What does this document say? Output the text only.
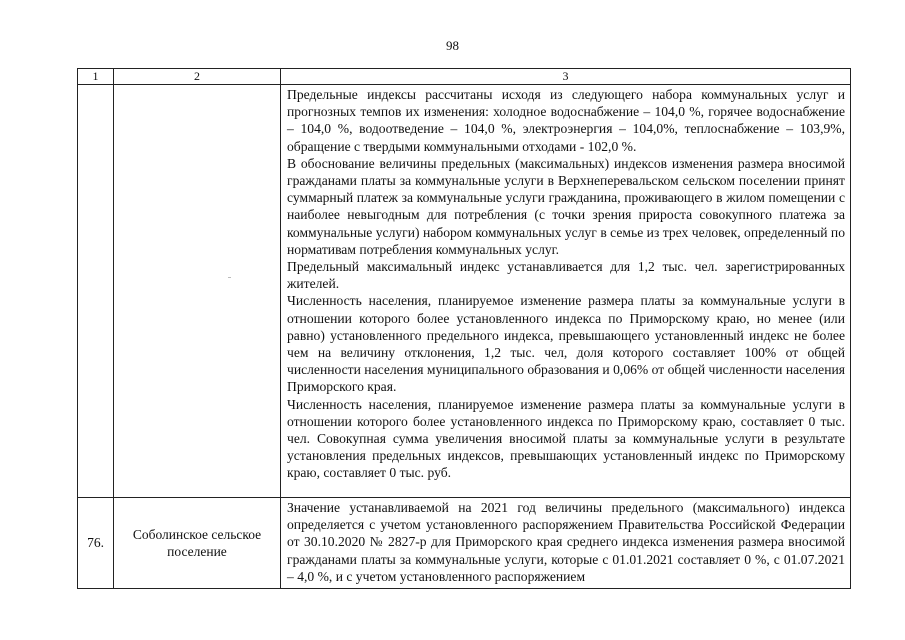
98
1	2	3

		Предельные индексы рассчитаны исходя из следующего набора коммунальных услуг и прогнозных темпов их изменения: холодное водоснабжение – 104,0 %, горячее водоснабжение – 104,0 %, водоотведение – 104,0 %, электроэнергия – 104,0%, теплоснабжение – 103,9%, обращение с твердыми коммунальными отходами - 102,0 %.

В обоснование величины предельных (максимальных) индексов изменения размера вносимой гражданами платы за коммунальные услуги в Верхнеперевальском сельском поселении принят суммарный платеж за коммунальные услуги гражданина, проживающего в жилом помещении с наиболее невыгодным для потребления (с точки зрения прироста совокупного платежа за коммунальные услуги) набором коммунальных услуг в семье из трех человек, определенный по нормативам потребления коммунальных услуг.

Предельный максимальный индекс устанавливается для 1,2 тыс. чел. зарегистрированных жителей.

Численность населения, планируемое изменение размера платы за коммунальные услуги в отношении которого более установленного индекса по Приморскому краю, но менее (или равно) установленного предельного индекса, превышающего установленный индекс не более чем на величину отклонения, 1,2 тыс. чел, доля которого составляет 100% от общей численности населения муниципального образования и 0,06% от общей численности населения Приморского края.

Численность населения, планируемое изменение размера платы за коммунальные услуги в отношении которого более установленного индекса по Приморскому краю, составляет 0 тыс. чел. Совокупная сумма увеличения вносимой платы за коммунальные услуги в результате установления предельных индексов, превышающих установленный индекс по Приморскому краю, составляет 0 тыс. руб.

76.	Соболинское сельское поселение	Значение устанавливаемой на 2021 год величины предельного (максимального) индекса определяется с учетом установленного распоряжением Правительства Российской Федерации от 30.10.2020 № 2827-р для Приморского края среднего индекса изменения размера вносимой гражданами платы за коммунальные услуги, которые с 01.01.2021 составляет 0 %, с 01.07.2021 – 4,0 %, и с учетом установленного распоряжением
